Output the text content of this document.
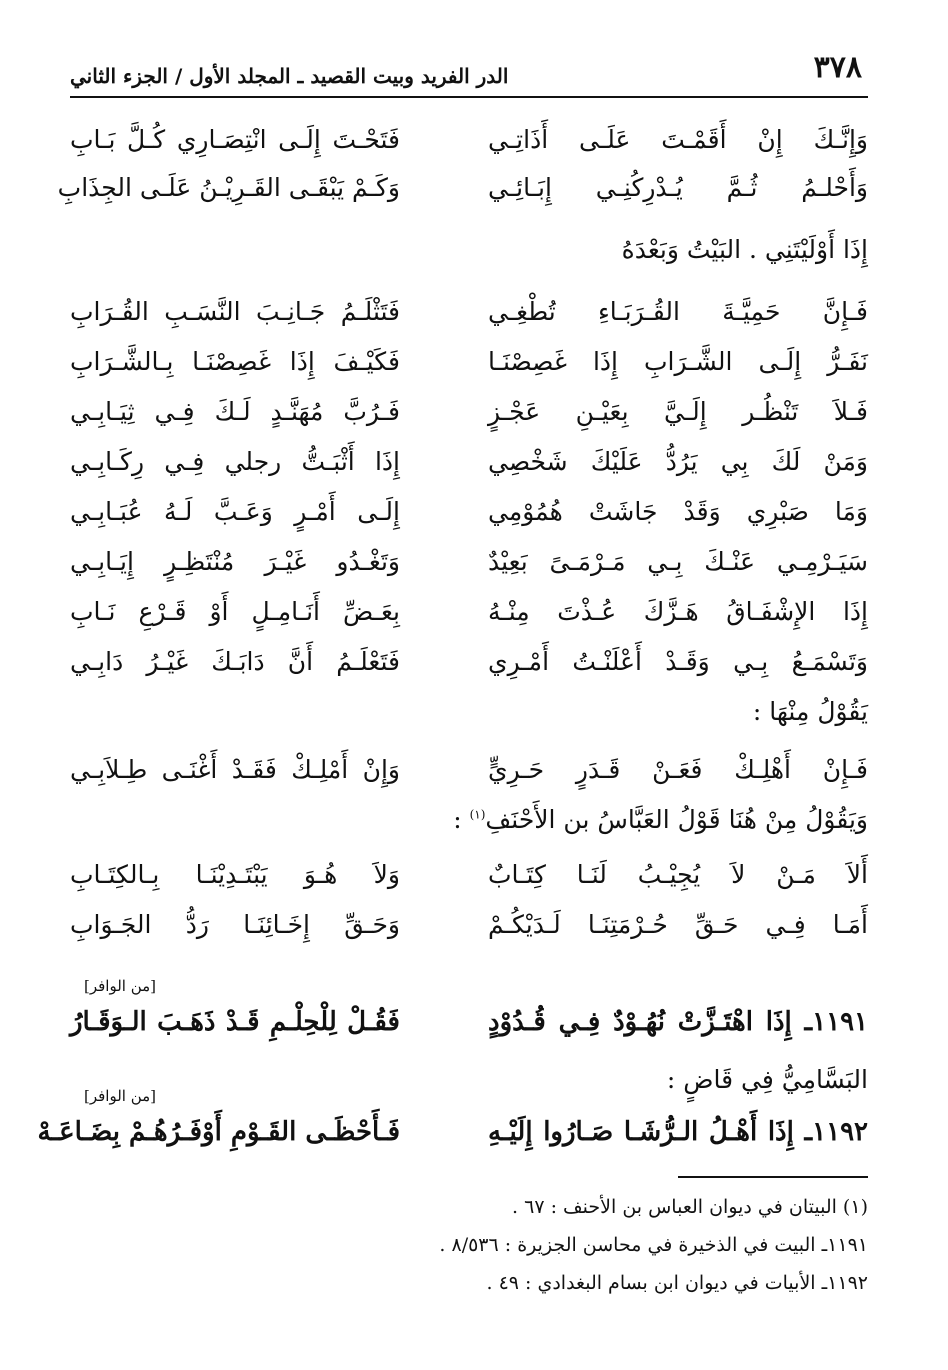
٣٧٨
الدر الفريد وبيت القصيد ـ المجلد الأول / الجزء الثاني
وَإِنَّـكَ إِنْ أَقَمْـتَ عَلَـى أَذَاتِـي
فَتَحْـتَ إِلَـى انْتِصَـارِي كُـلَّ بَـابِ
وَأَحْلـمُ ثُـمَّ يُـدْرِكُنِـي إِبَـائِـي
وَكَـمْ يَبْقَـى القَـرِيْـنُ عَلَـى الجِذَابِ
إِذَا أَوْلَيْتَنِي . البَيْتُ وَبَعْدَهُ
فَـإِنَّ حَمِيَّـةَ القُـرَبَـاءِ تُطْغِـي
فَتَثْلَـمُ جَـانِـبَ النَّسَـبِ القُـرَابِ
نَفَـرُّ إِلَـى الشَّـرَابِ إِذَا غَصِصْنَـا
فَكَيْـفَ إِذَا غَصِصْنَـا بِـالشَّـرَابِ
فَـلاَ تَنْظُـر إِلَـيَّ بِعَيْـنِ عَجْـزٍ
فَـرُبَّ مُهَنَّـدٍ لَـكَ فِـي ثِيَـابِـي
وَمَنْ لَكَ بِي يَرُدُّ عَلَيْكَ شَخْصِي
إِذَا أَثْبَـتُّ رجلي فِـي رِكَـابِـي
وَمَا صَبْرِي وَقَدْ جَاشَتْ هُمُوْمِي
إِلَـى أَمْـرٍ وَعَـبَّ لَـهُ عُبَـابِـي
سَيَـرْمِـي عَنْـكَ بِـي مَـرْمَـىً بَعِيْدٌ
وَتَغْـدُو غَيْـرَ مُنْتَظِـرٍ إِيَـابِـي
إِذَا الإِشْفَـاقُ هَـزَّكَ عُـذْتَ مِنْـهُ
بِعَـضِّ أَنَـامِـلٍ أَوْ قَـرْعِ نَـابِ
وَتَسْمَـعُ بِـي وَقَـدْ أَعْلَنْـتُ أَمْـرِي
فَتَعْلَـمُ أَنَّ دَابَـكَ غَيْـرُ دَابِـي
يَقُوْلُ مِنْهَا :
فَـإِنْ أَهْلِـكْ فَعَـنْ قَـدَرٍ حَـرِيٍّ
وَإِنْ أَمْلِـكْ فَقَـدْ أَغْنَـى طِـلاَبِـي
وَيَقُوْلُ مِنْ هُنَا قَوْلُ العَبَّاسُ بن الأَحْنَفِ$^{(١)}$ :
أَلاَ مَـنْ لاَ يُجِيْـبُ لَنَـا كِتَـابٌ
وَلاَ هُـوَ يَبْتَـدِيْنَـا بِـالكِتَـابِ
أَمَـا فِـي حَـقِّ حُـرْمَتِنَـا لَـدَيْكُـمْ
وَحَـقِّ إِخَـائِنَـا رَدُّ الجَـوَابِ
[من الوافر]
١١٩١ـ إِذَا اهْتَـزَّتْ نُهُـوْدٌ فِـي قُـدُوْدٍ
فَقُـلْ لِلْحِلْـمِ قَـدْ ذَهَـبَ الـوَقَـارُ
البَسَّامِيُّ فِي قَاضٍ :
[من الوافر]
١١٩٢ـ إِذَا أَهْـلُ الـرُّشَـا صَـارُوا إِلَيْـهِ
فَـأَحْظَـى القَـوْمِ أَوْفَـرُهُـمْ بِضَـاعَـهْ
(١) البيتان في ديوان العباس بن الأحنف : ٦٧ .
١١٩١ـ البيت في الذخيرة في محاسن الجزيرة : ٨/٥٣٦ .
١١٩٢ـ الأبيات في ديوان ابن بسام البغدادي : ٤٩ .
